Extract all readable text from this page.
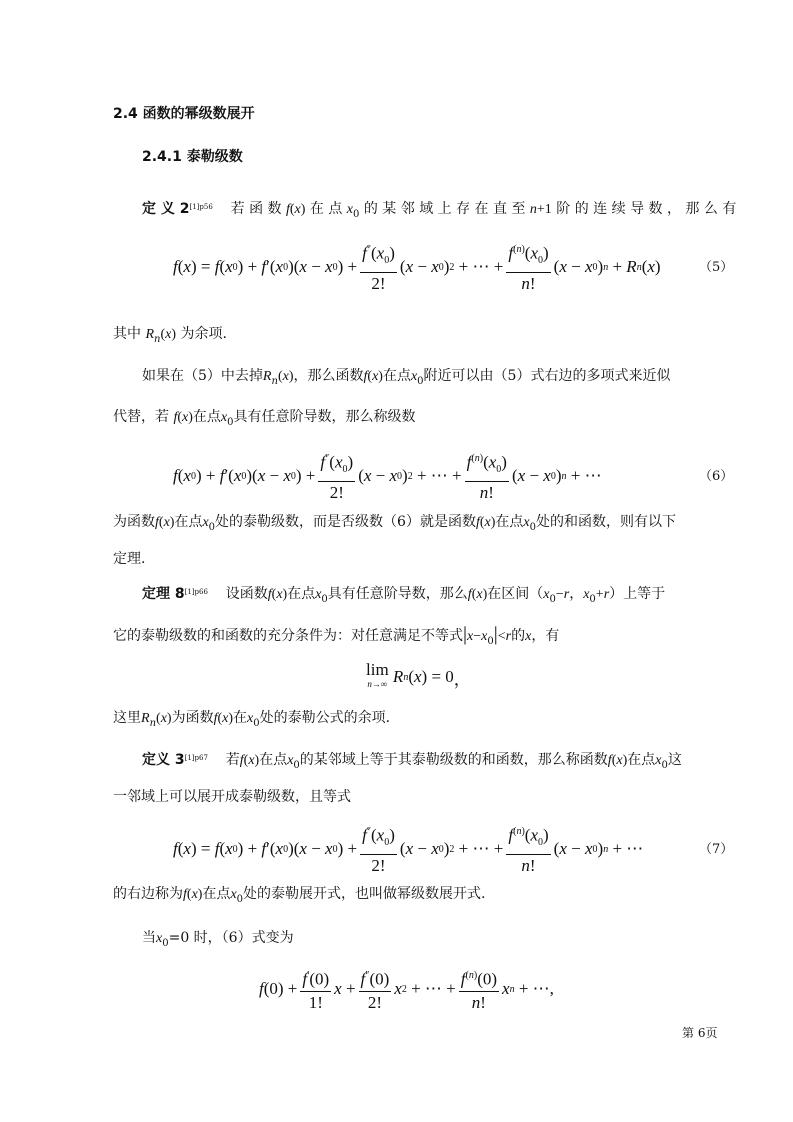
2.4 函数的幂级数展开
2.4.1 泰勒级数
定 义 $2^{[1]p56}$ 若 函 数 f(x) 在 点 $x_0$ 的 某 邻 域 上 存 在 直 至 n+1 阶 的 连 续 导 数 ， 那 么 有
f ( x ) = f ( x 0 ) + f ′( x 0 )( x − x 0 ) + $\frac{f''(x_0)}{2!}$ ( x − x 0 ) 2 + ⋯ + $\frac{f^{(n)}(x_0)}{n!}$ ( x − x 0 ) n + R n ( x )	（5）
其中 $R_n(x)$ 为余项.
如果在（5）中去掉$R_n(x)$，那么函数f(x)在点$x_0$附近可以由（5）式右边的多项式来近似
代替，若 f(x)在点$x_0$具有任意阶导数，那么称级数
f ( x 0 ) + f ′( x 0 )( x − x 0 ) + $\frac{f''(x_0)}{2!}$ ( x − x 0 ) 2 + ⋯ + $\frac{f^{(n)}(x_0)}{n!}$ ( x − x 0 ) n + ⋯	（6）
为函数f(x)在点$x_0$处的泰勒级数，而是否级数（6）就是函数f(x)在点$x_0$处的和函数，则有以下
定理.
定理 $8^{[1]p66}$ 设函数f(x)在点$x_0$具有任意阶导数，那么f(x)在区间（$x_0-r$，$x_0+r$）上等于
它的泰勒级数的和函数的充分条件为：对任意满足不等式$|x-x_0|<r$的x，有
lim
n→∞
R n ( x ) = 0 ，
这里$R_n(x)$为函数f(x)在$x_0$处的泰勒公式的余项.
定义 $3^{[1]p67}$ 若f(x)在点$x_0$的某邻域上等于其泰勒级数的和函数，那么称函数f(x)在点$x_0$这
一邻域上可以展开成泰勒级数，且等式
f ( x ) = f ( x 0 ) + f ′( x 0 )( x − x 0 ) + $\frac{f''(x_0)}{2!}$ ( x − x 0 ) 2 + ⋯ + $\frac{f^{(n)}(x_0)}{n!}$ ( x − x 0 ) n + ⋯	（7）
的右边称为f(x)在点$x_0$处的泰勒展开式，也叫做幂级数展开式.
当$x_0=0$ 时，（6）式变为
f $(0) + \frac{f'(0)}{1!}$ $x + \frac{f''(0)}{2!}$ x 2 + ⋯ + $\frac{f^{(n)}(0)}{n!}$ x n + ⋯,
第 6页
